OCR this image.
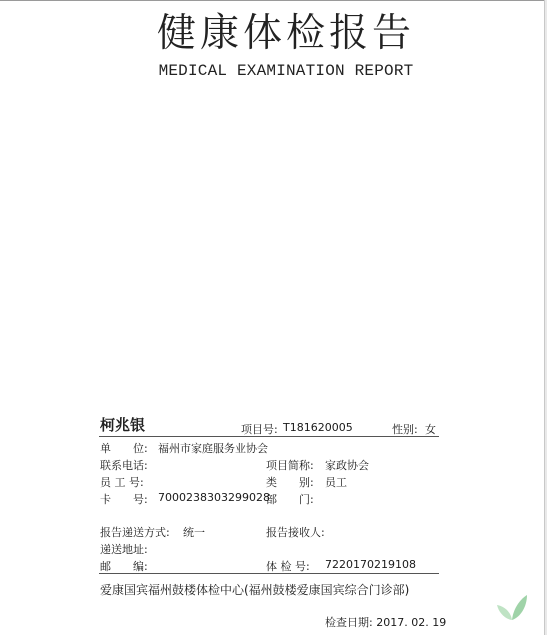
健康体检报告
MEDICAL EXAMINATION REPORT
柯兆银	项目号: T181620005	性别: 女
单　　位: 福州市家庭服务业协会
联系电话:	项目简称: 家政协会
员 工 号:	类　　别: 员工
卡　　号: 7000238303299028
部　　门:
报告递送方式: 统一	报告接收人:
递送地址:
邮　　编:	体 检 号: 7220170219108
爱康国宾福州鼓楼体检中心(福州鼓楼爱康国宾综合门诊部)
检查日期: 2017. 02. 19
